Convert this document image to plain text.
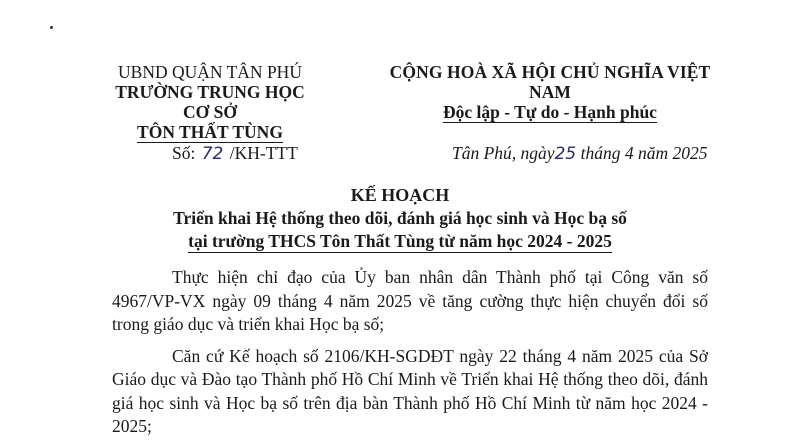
UBND QUẬN TÂN PHÚ
TRƯỜNG TRUNG HỌC CƠ SỞ
TÔN THẤT TÙNG
CỘNG HOÀ XÃ HỘI CHỦ NGHĨA VIỆT NAM
Độc lập - Tự do - Hạnh phúc
Số: 72 /KH-TTT	Tân Phú, ngày25 tháng 4 năm 2025
KẾ HOẠCH
Triển khai Hệ thống theo dõi, đánh giá học sinh và Học bạ số
tại trường THCS Tôn Thất Tùng từ năm học 2024 - 2025

Thực hiện chỉ đạo của Ủy ban nhân dân Thành phố tại Công văn số 4967/VP-VX ngày 09 tháng 4 năm 2025 về tăng cường thực hiện chuyển đổi số trong giáo dục và triển khai Học bạ số;

Căn cứ Kế hoạch số 2106/KH-SGDĐT ngày 22 tháng 4 năm 2025 của Sở Giáo dục và Đào tạo Thành phố Hồ Chí Minh về Triển khai Hệ thống theo dõi, đánh giá học sinh và Học bạ số trên địa bàn Thành phố Hồ Chí Minh từ năm học 2024 - 2025;
